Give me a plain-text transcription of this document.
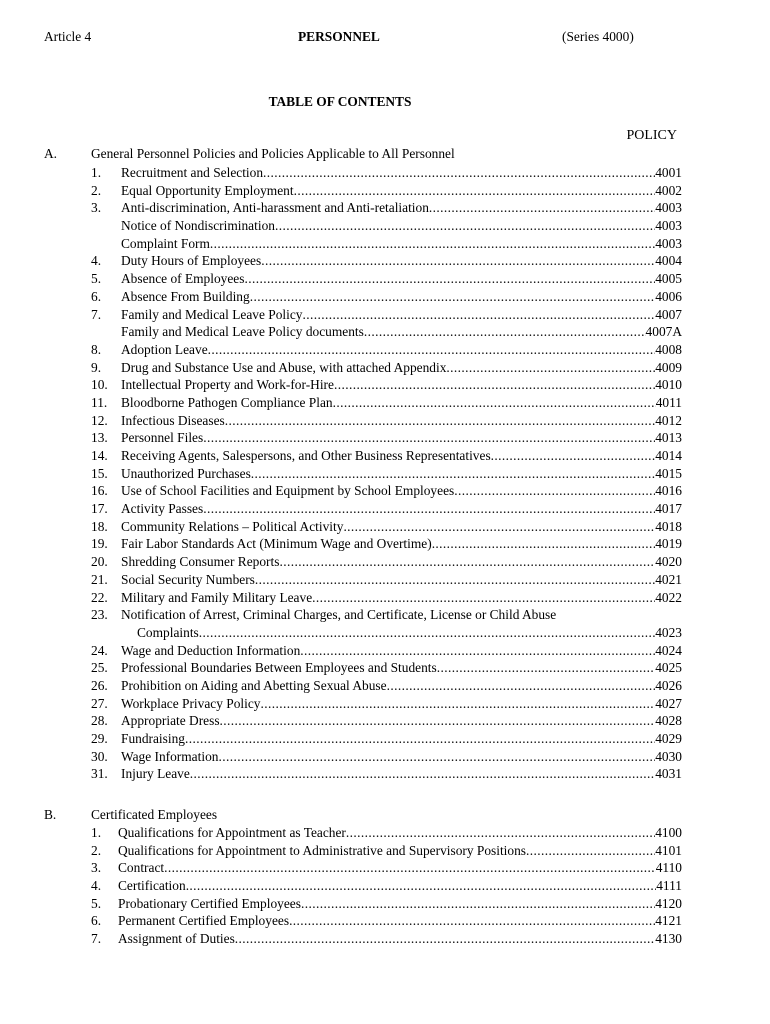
Article 4	PERSONNEL	(Series 4000)
TABLE OF CONTENTS
POLICY
A.	General Personnel Policies and Policies Applicable to All Personnel
1.	Recruitment and Selection .....	4001
2.	Equal Opportunity Employment .....	4002
3.	Anti-discrimination, Anti-harassment and Anti-retaliation .....	4003
Notice of Nondiscrimination .....	4003
Complaint Form .....	4003
4.	Duty Hours of Employees .....	4004
5.	Absence of Employees .....	4005
6.	Absence From Building .....	4006
7.	Family and Medical Leave Policy .....	4007
Family and Medical Leave Policy documents .....	4007A
8.	Adoption Leave .....	4008
9.	Drug and Substance Use and Abuse, with attached Appendix .....	4009
10. Intellectual Property and Work-for-Hire .....	4010
11.	Bloodborne Pathogen Compliance Plan .....	4011
12. Infectious Diseases .....	4012
13. Personnel Files .....	4013
14. Receiving Agents, Salespersons, and Other Business Representatives .....	4014
15. Unauthorized Purchases .....	4015
16. Use of School Facilities and Equipment by School Employees .....	4016
17. Activity Passes .....	4017
18. Community Relations – Political Activity .....	4018
19. Fair Labor Standards Act (Minimum Wage and Overtime) .....	4019
20. Shredding Consumer Reports .....	4020
21. Social Security Numbers .....	4021
22. Military and Family Military Leave .....	4022
23. Notification of Arrest, Criminal Charges, and Certificate, License or Child Abuse
Complaints .....	4023
24. Wage and Deduction Information .....	4024
25. Professional Boundaries Between Employees and Students .....	4025
26. Prohibition on Aiding and Abetting Sexual Abuse .....	4026
27. Workplace Privacy Policy .....	4027
28. Appropriate Dress .....	4028
29. Fundraising .....	4029
30. Wage Information .....	4030
31. Injury Leave .....	4031
B.	Certificated Employees
1.	Qualifications for Appointment as Teacher .....	4100
2.	Qualifications for Appointment to Administrative and Supervisory Positions .....	4101
3.	Contract .....	4110
4.	Certification .....	4111
5.	Probationary Certified Employees .....	4120
6.	Permanent Certified Employees .....	4121
7.	Assignment of Duties .....	4130
